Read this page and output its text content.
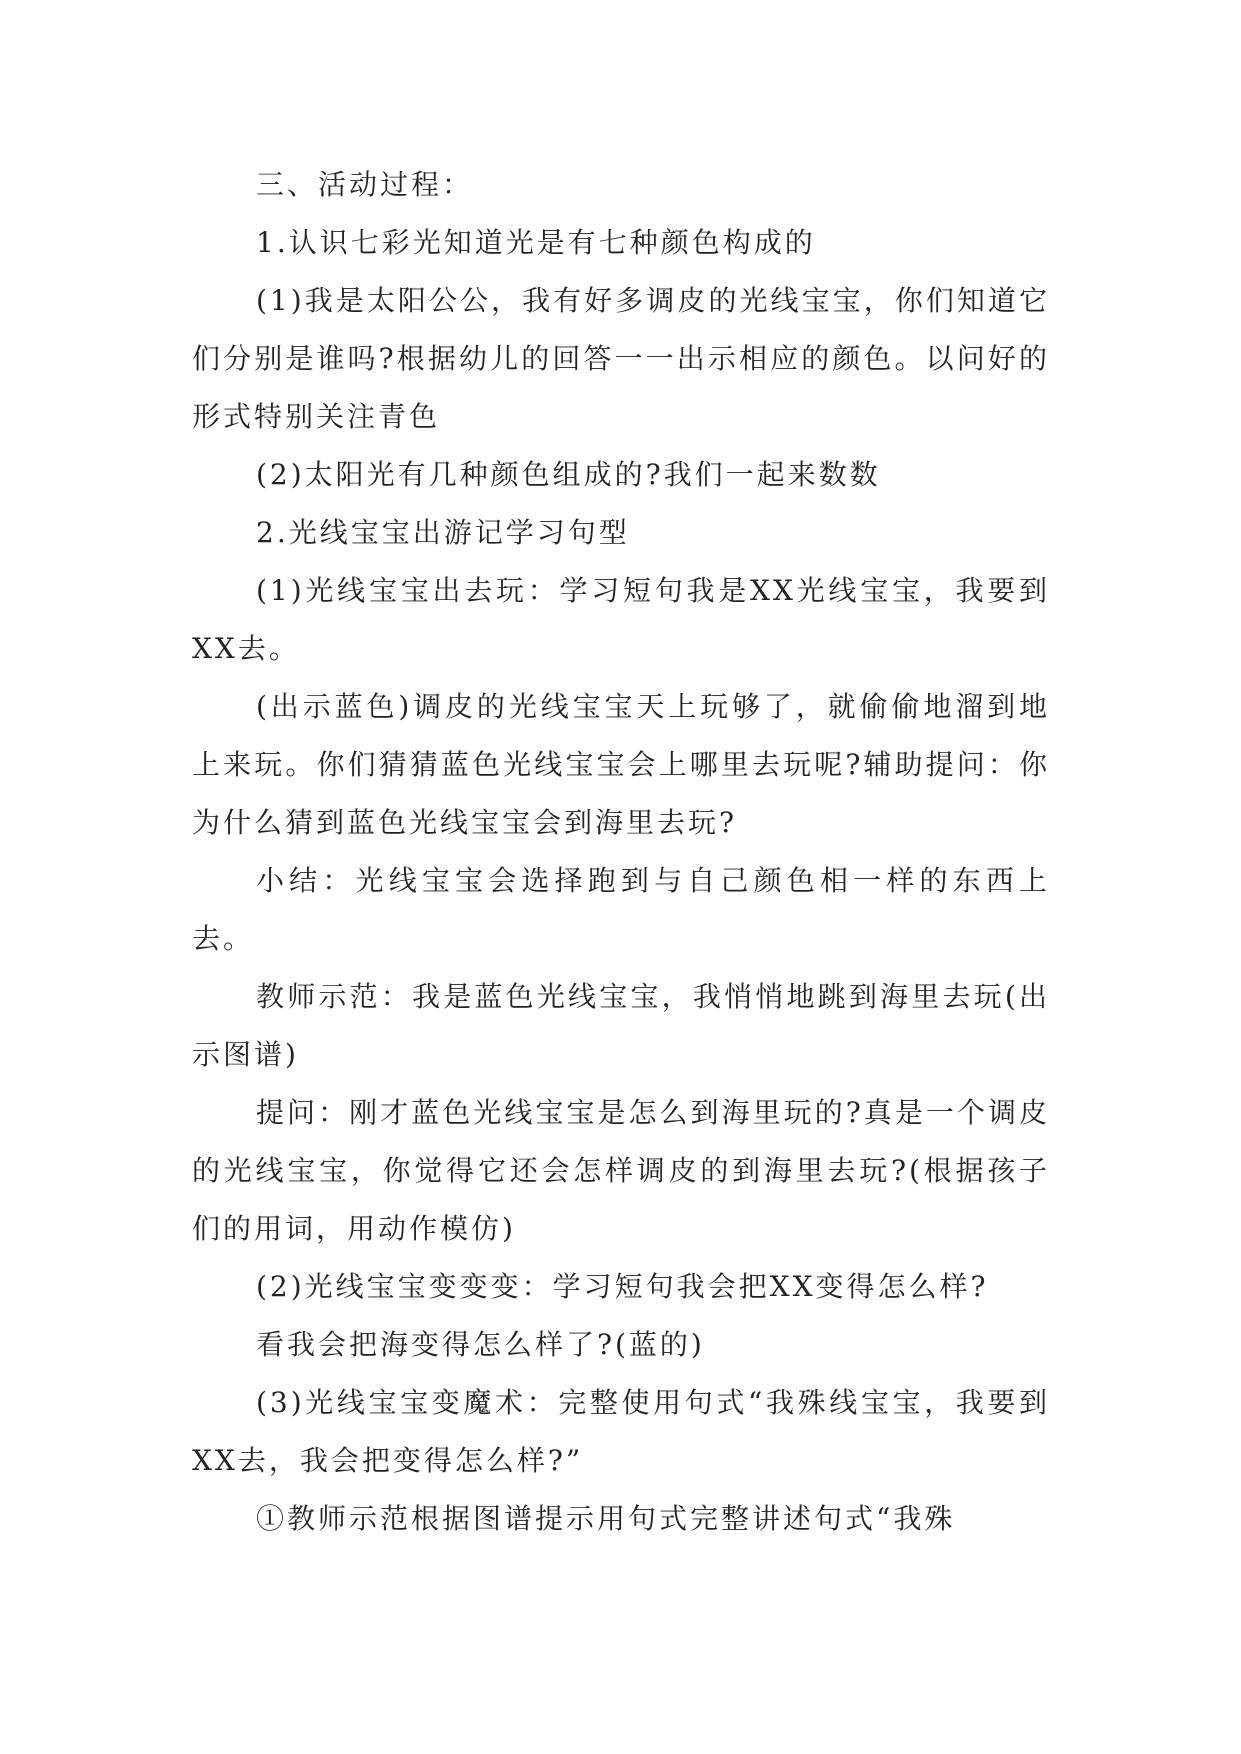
三、活动过程：

1.认识七彩光知道光是有七种颜色构成的

(1)我是太阳公公，我有好多调皮的光线宝宝，你们知道它们分别是谁吗?根据幼儿的回答一一出示相应的颜色。以问好的形式特别关注青色

(2)太阳光有几种颜色组成的?我们一起来数数

2.光线宝宝出游记学习句型

(1)光线宝宝出去玩：学习短句我是XX光线宝宝，我要到XX去。

(出示蓝色)调皮的光线宝宝天上玩够了，就偷偷地溜到地上来玩。你们猜猜蓝色光线宝宝会上哪里去玩呢?辅助提问：你为什么猜到蓝色光线宝宝会到海里去玩?

小结：光线宝宝会选择跑到与自己颜色相一样的东西上去。

教师示范：我是蓝色光线宝宝，我悄悄地跳到海里去玩(出示图谱)

提问：刚才蓝色光线宝宝是怎么到海里玩的?真是一个调皮的光线宝宝，你觉得它还会怎样调皮的到海里去玩?(根据孩子们的用词，用动作模仿)

(2)光线宝宝变变变：学习短句我会把XX变得怎么样?

看我会把海变得怎么样了?(蓝的)

(3)光线宝宝变魔术：完整使用句式“我殊线宝宝，我要到XX去，我会把变得怎么样?”

①教师示范根据图谱提示用句式完整讲述句式“我殊
